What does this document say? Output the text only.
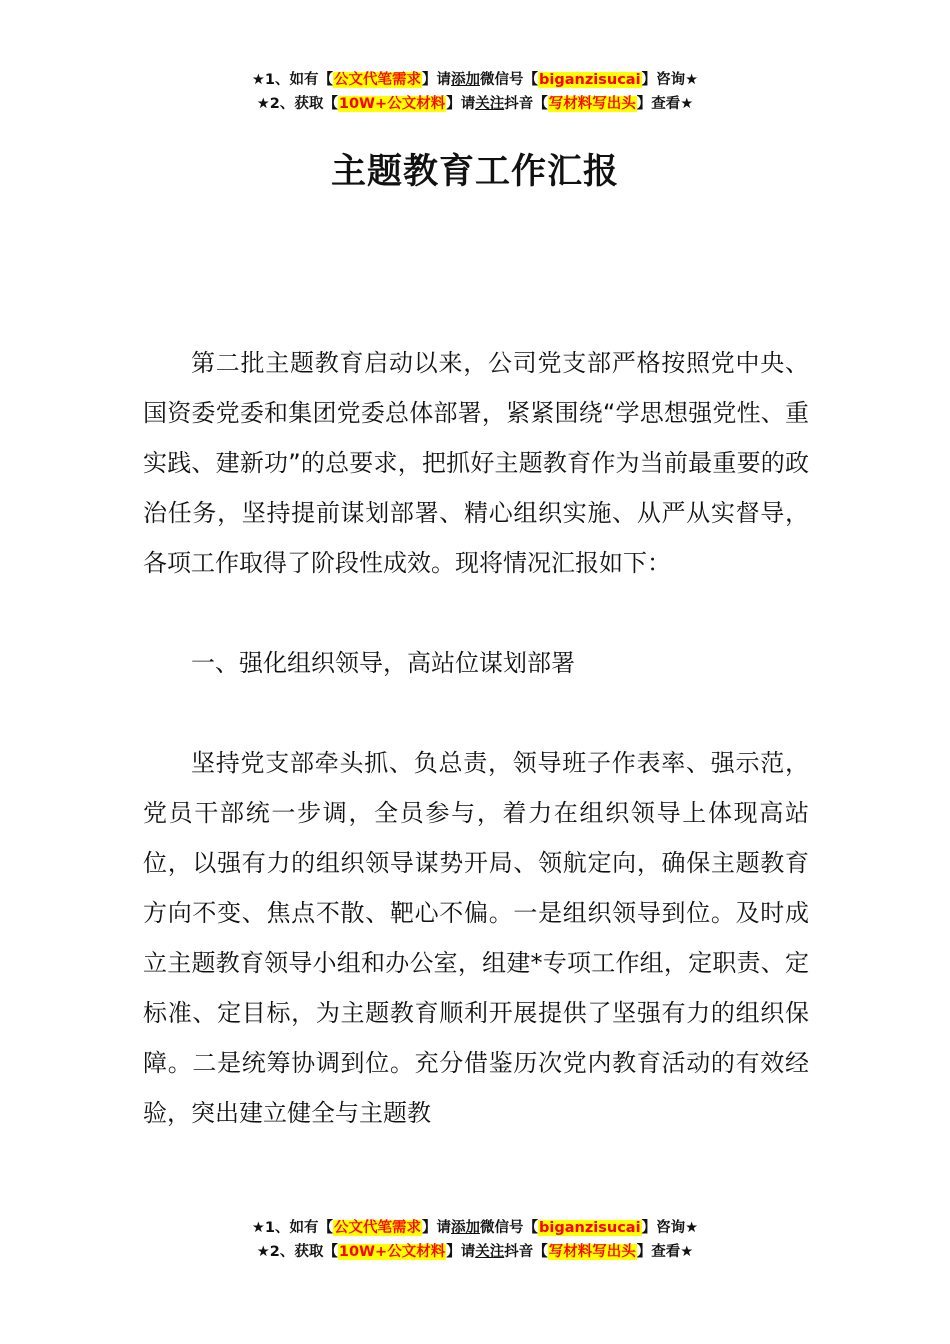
★1、如有【公文代笔需求】请添加微信号【biganzisucai】咨询★
★2、获取【10W+公文材料】请关注抖音【写材料写出头】查看★
主题教育工作汇报

第二批主题教育启动以来，公司党支部严格按照党中央、国资委党委和集团党委总体部署，紧紧围绕“学思想强党性、重实践、建新功”的总要求，把抓好主题教育作为当前最重要的政治任务，坚持提前谋划部署、精心组织实施、从严从实督导，各项工作取得了阶段性成效。现将情况汇报如下：

一、强化组织领导，高站位谋划部署

坚持党支部牵头抓、负总责，领导班子作表率、强示范，党员干部统一步调，全员参与，着力在组织领导上体现高站位，以强有力的组织领导谋势开局、领航定向，确保主题教育方向不变、焦点不散、靶心不偏。一是组织领导到位。及时成立主题教育领导小组和办公室，组建*专项工作组，定职责、定标准、定目标，为主题教育顺利开展提供了坚强有力的组织保障。二是统筹协调到位。充分借鉴历次党内教育活动的有效经验，突出建立健全与主题教

★1、如有【公文代笔需求】请添加微信号【biganzisucai】咨询★
★2、获取【10W+公文材料】请关注抖音【写材料写出头】查看★
